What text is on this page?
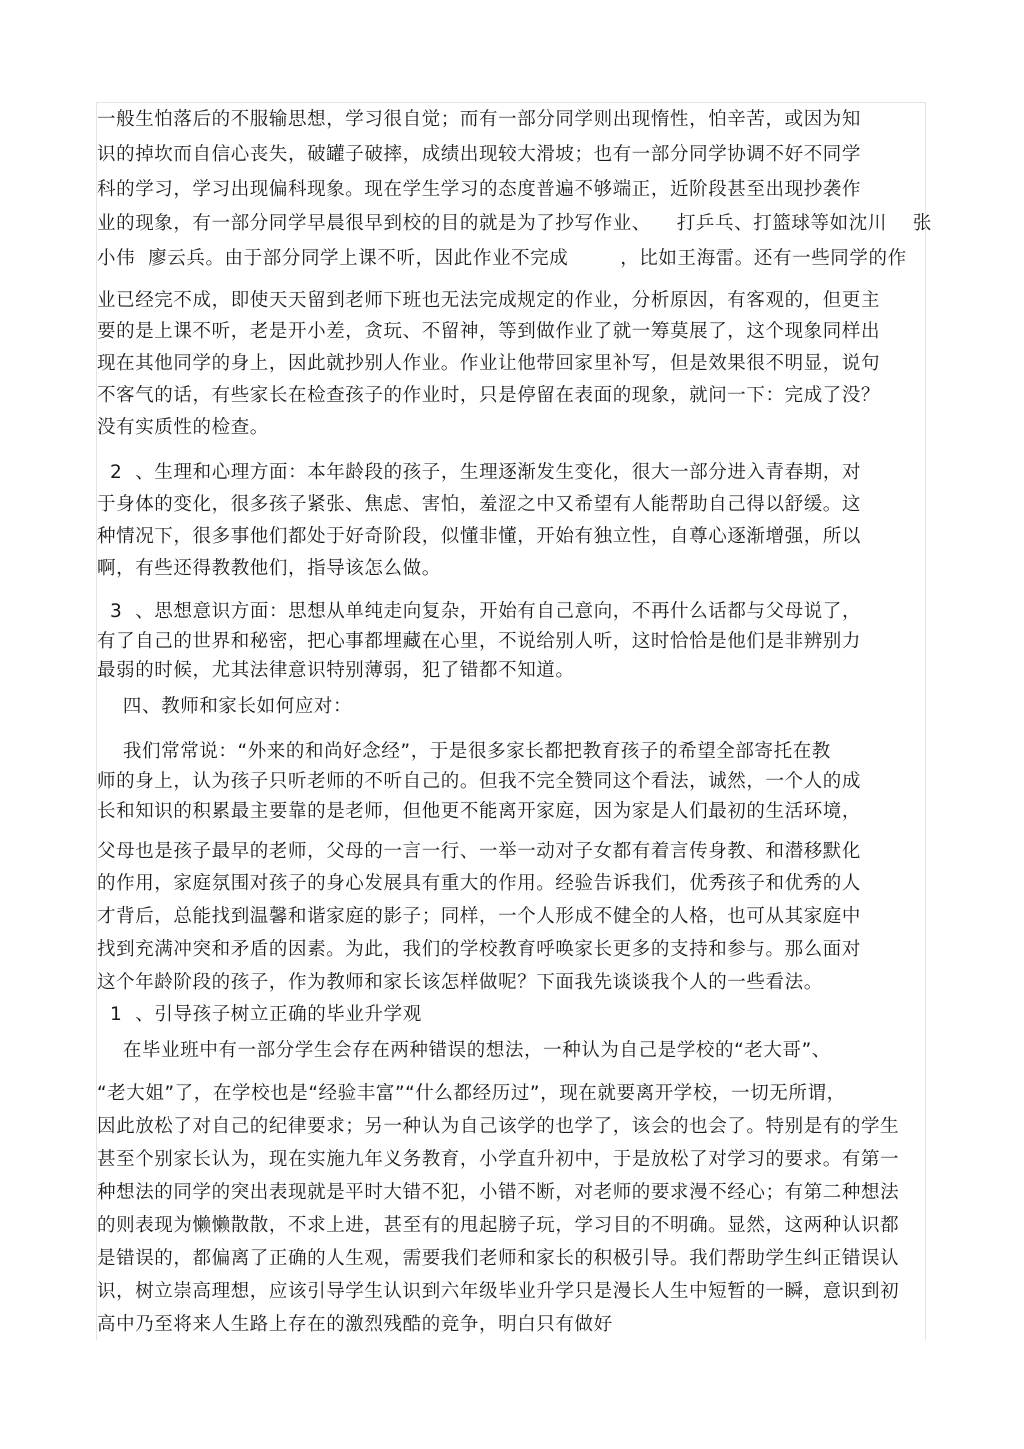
一般生怕落后的不服输思想，学习很自觉；而有一部分同学则出现惰性，怕辛苦，或因为知
识的掉坎而自信心丧失，破罐子破摔，成绩出现较大滑坡；也有一部分同学协调不好不同学
科的学习，学习出现偏科现象。现在学生学习的态度普遍不够端正，近阶段甚至出现抄袭作
业的现象，有一部分同学早晨很早到校的目的就是为了抄写作业、    打乒乓、打篮球等如沈川    张
小伟  廖云兵。由于部分同学上课不听，因此作业不完成        ，比如王海雷。还有一些同学的作
业已经完不成，即使天天留到老师下班也无法完成规定的作业，分析原因，有客观的，但更主
要的是上课不听，老是开小差，贪玩、不留神，等到做作业了就一筹莫展了，这个现象同样出
现在其他同学的身上，因此就抄别人作业。作业让他带回家里补写，但是效果很不明显，说句
不客气的话，有些家长在检查孩子的作业时，只是停留在表面的现象，就问一下：完成了没？
没有实质性的检查。
2  、生理和心理方面：本年龄段的孩子，生理逐渐发生变化，很大一部分进入青春期，对
于身体的变化，很多孩子紧张、焦虑、害怕，羞涩之中又希望有人能帮助自己得以舒缓。这
种情况下，很多事他们都处于好奇阶段，似懂非懂，开始有独立性，自尊心逐渐增强，所以
啊，有些还得教教他们，指导该怎么做。
3  、思想意识方面：思想从单纯走向复杂，开始有自己意向，不再什么话都与父母说了，
有了自己的世界和秘密，把心事都埋藏在心里，不说给别人听，这时恰恰是他们是非辨别力
最弱的时候，尤其法律意识特别薄弱，犯了错都不知道。
四、教师和家长如何应对：
我们常常说：“外来的和尚好念经”，于是很多家长都把教育孩子的希望全部寄托在教
师的身上，认为孩子只听老师的不听自己的。但我不完全赞同这个看法，诚然，一个人的成
长和知识的积累最主要靠的是老师，但他更不能离开家庭，因为家是人们最初的生活环境，
父母也是孩子最早的老师，父母的一言一行、一举一动对子女都有着言传身教、和潜移默化
的作用，家庭氛围对孩子的身心发展具有重大的作用。经验告诉我们，优秀孩子和优秀的人
才背后，总能找到温馨和谐家庭的影子；同样，一个人形成不健全的人格，也可从其家庭中
找到充满冲突和矛盾的因素。为此，我们的学校教育呼唤家长更多的支持和参与。那么面对
这个年龄阶段的孩子，作为教师和家长该怎样做呢？下面我先谈谈我个人的一些看法。
1  、引导孩子树立正确的毕业升学观
在毕业班中有一部分学生会存在两种错误的想法，一种认为自己是学校的“老大哥”、
“老大姐”了，在学校也是“经验丰富”“什么都经历过”，现在就要离开学校，一切无所谓，
因此放松了对自己的纪律要求；另一种认为自己该学的也学了，该会的也会了。特别是有的学生
甚至个别家长认为，现在实施九年义务教育，小学直升初中，于是放松了对学习的要求。有第一
种想法的同学的突出表现就是平时大错不犯，小错不断，对老师的要求漫不经心；有第二种想法
的则表现为懒懒散散，不求上进，甚至有的甩起膀子玩，学习目的不明确。显然，这两种认识都
是错误的，都偏离了正确的人生观，需要我们老师和家长的积极引导。我们帮助学生纠正错误认
识，树立崇高理想，应该引导学生认识到六年级毕业升学只是漫长人生中短暂的一瞬，意识到初
高中乃至将来人生路上存在的激烈残酷的竞争，明白只有做好
